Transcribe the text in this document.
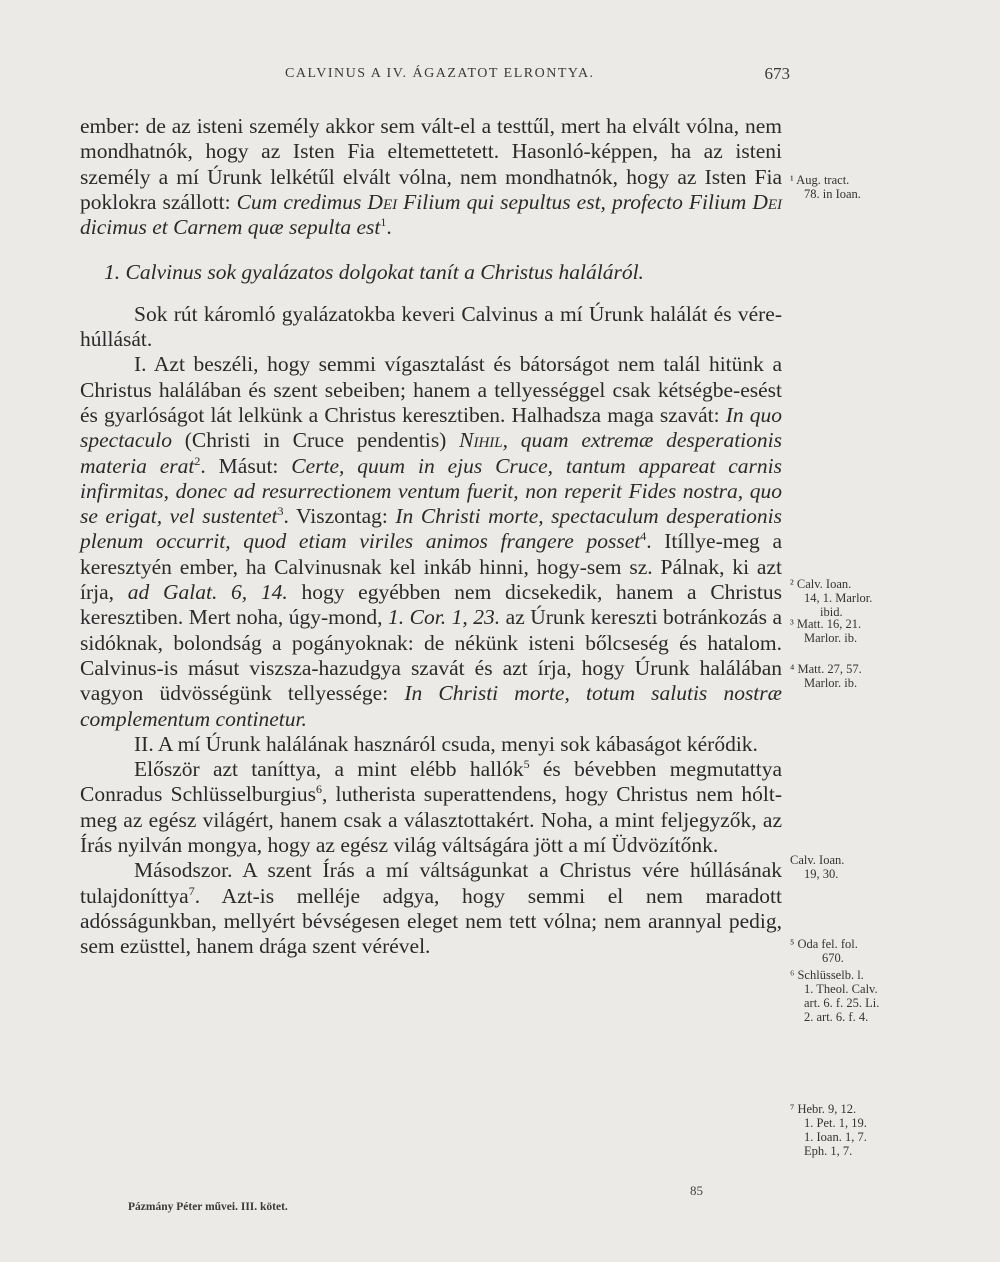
CALVINUS A IV. ÁGAZATOT ELRONTYA.	673

ember: de az isteni személy akkor sem vált-el a testtűl, mert ha elvált vólna, nem mondhatnók, hogy az Isten Fia eltemettetett. Hasonló-képpen, ha az isteni személy a mí Úrunk lelkétűl elvált vólna, nem mondhatnók, hogy az Isten Fia poklokra szállott: Cum credimus Dei Filium qui sepultus est, profecto Filium Dei dicimus et Carnem quæ sepulta est$^1$.

1. Calvinus sok gyalázatos dolgokat tanít a Christus haláláról.

Sok rút káromló gyalázatokba keveri Calvinus a mí Úrunk halálát és vére-húllását.

I. Azt beszéli, hogy semmi vígasztalást és bátorságot nem talál hitünk a Christus halálában és szent sebeiben; hanem a tellyességgel csak kétségbe-esést és gyarlóságot lát lelkünk a Christus keresztiben. Halhadsza maga szavát: In quo spectaculo (Christi in Cruce pendentis) Nihil, quam extremæ desperationis materia erat$^2$. Másut: Certe, quum in ejus Cruce, tantum appareat carnis infirmitas, donec ad resurrectionem ventum fuerit, non reperit Fides nostra, quo se erigat, vel sustentet$^3$. Viszontag: In Christi morte, spectaculum desperationis plenum occurrit, quod etiam viriles animos frangere posset$^4$. Itíllye-meg a keresztyén ember, ha Calvinusnak kel inkáb hinni, hogy-sem sz. Pálnak, ki azt írja, ad Galat. 6, 14. hogy egyébben nem dicsekedik, hanem a Christus keresztiben. Mert noha, úgy-mond, 1. Cor. 1, 23. az Úrunk kereszti botránkozás a sidóknak, bolondság a pogányoknak: de nékünk isteni bőlcseség és hatalom. Calvinus-is másut viszsza-hazudgya szavát és azt írja, hogy Úrunk halálában vagyon üdvösségünk tellyessége: In Christi morte, totum salutis nostræ complementum continetur.

II. A mí Úrunk halálának hasznáról csuda, menyi sok kábaságot kérődik.

Először azt taníttya, a mint elébb hallók$^5$ és bévebben megmutattya Conradus Schlüsselburgius$^6$, lutherista superattendens, hogy Christus nem hólt-meg az egész világért, hanem csak a választottakért. Noha, a mint feljegyzők, az Írás nyilván mongya, hogy az egész világ váltságára jött a mí Üdvözítőnk.

Másodszor. A szent Írás a mí váltságunkat a Christus vére húllásának tulajdoníttya$^7$. Azt-is melléje adgya, hogy semmi el nem maradott adósságunkban, mellyért bévségesen eleget nem tett vólna; nem arannyal pedig, sem ezüsttel, hanem drága szent vérével.

¹ Aug. tract.
78. in Ioan.
² Calv. Ioan.
14, 1. Marlor.
ibid.
³ Matt. 16, 21.
Marlor. ib.
⁴ Matt. 27, 57.
Marlor. ib.
Calv. Ioan.
19, 30.
⁵ Oda fel. fol.
670.
⁶ Schlüsselb. l.
1. Theol. Calv.
art. 6. f. 25. Li.
2. art. 6. f. 4.
⁷ Hebr. 9, 12.
1. Pet. 1, 19.
1. Ioan. 1, 7.
Eph. 1, 7.
85
Pázmány Péter művei. III. kötet.
